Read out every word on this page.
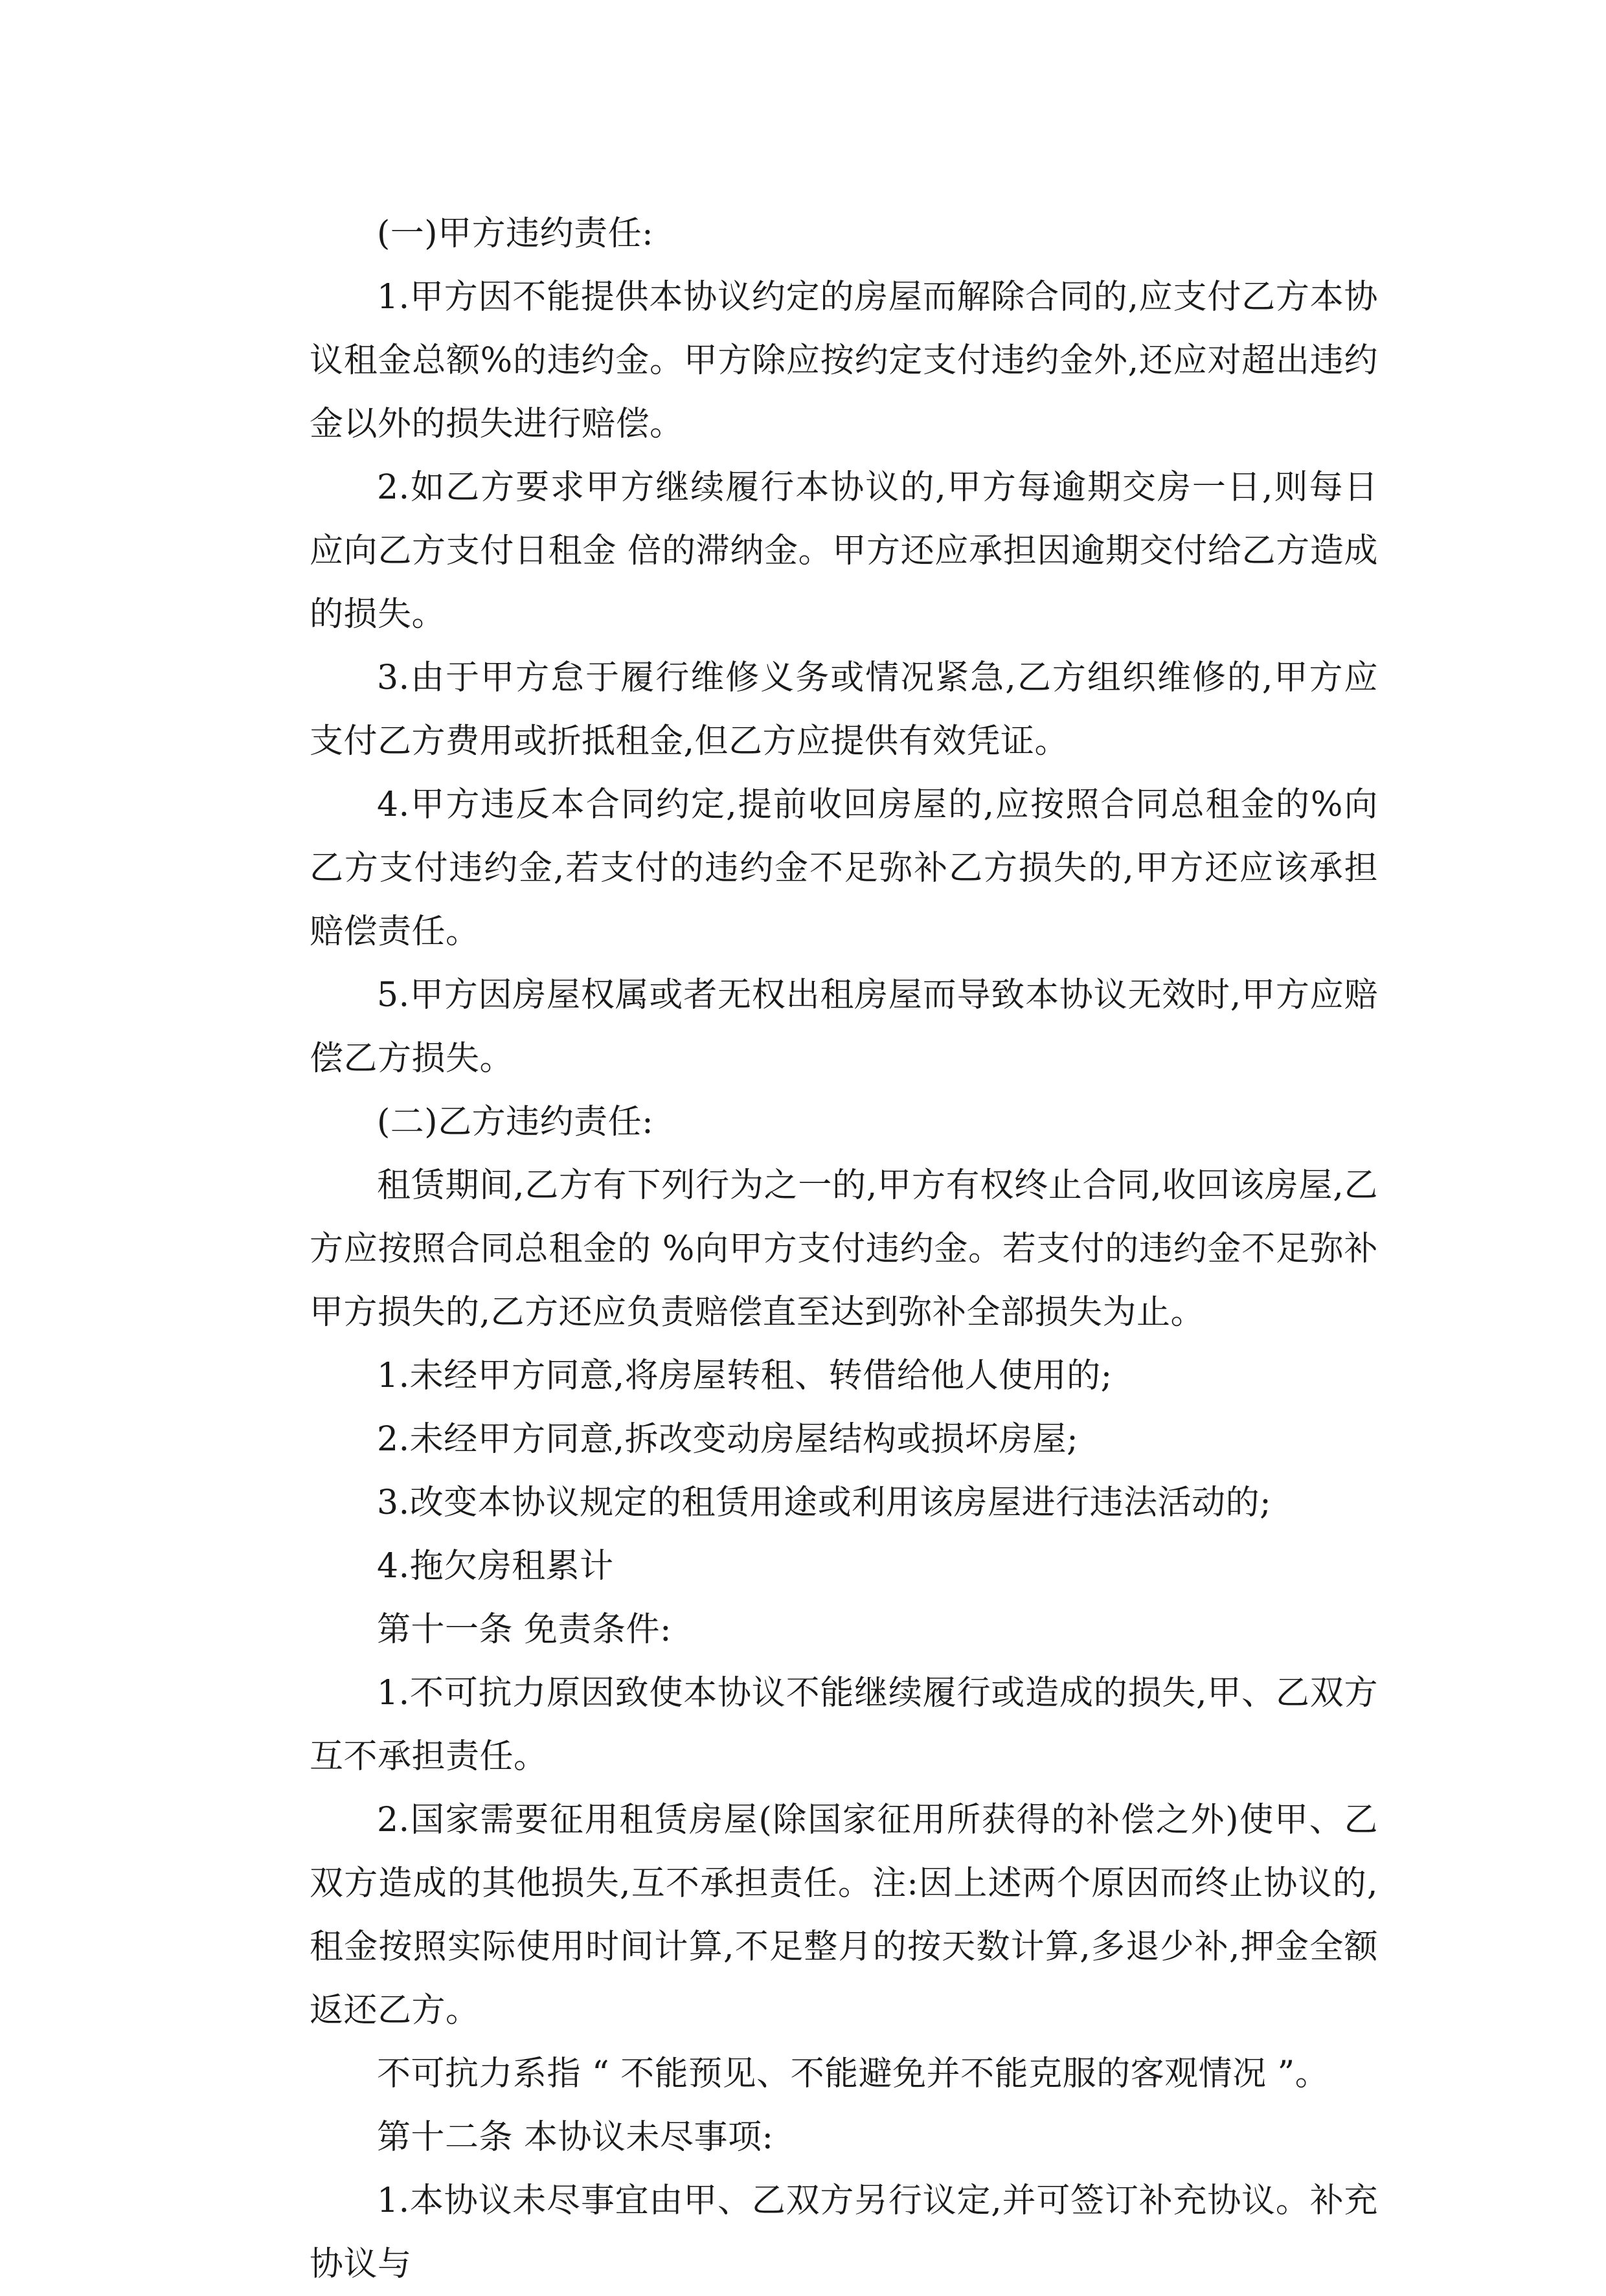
(一)甲方违约责任:

1.甲方因不能提供本协议约定的房屋而解除合同的,应支付乙方本协议租金总额%的违约金。甲方除应按约定支付违约金外,还应对超出违约金以外的损失进行赔偿。

2.如乙方要求甲方继续履行本协议的,甲方每逾期交房一日,则每日应向乙方支付日租金 倍的滞纳金。甲方还应承担因逾期交付给乙方造成的损失。

3.由于甲方怠于履行维修义务或情况紧急,乙方组织维修的,甲方应支付乙方费用或折抵租金,但乙方应提供有效凭证。

4.甲方违反本合同约定,提前收回房屋的,应按照合同总租金的%向乙方支付违约金,若支付的违约金不足弥补乙方损失的,甲方还应该承担赔偿责任。

5.甲方因房屋权属或者无权出租房屋而导致本协议无效时,甲方应赔偿乙方损失。

(二)乙方违约责任:

租赁期间,乙方有下列行为之一的,甲方有权终止合同,收回该房屋,乙方应按照合同总租金的 %向甲方支付违约金。若支付的违约金不足弥补甲方损失的,乙方还应负责赔偿直至达到弥补全部损失为止。

1.未经甲方同意,将房屋转租、转借给他人使用的;

2.未经甲方同意,拆改变动房屋结构或损坏房屋;

3.改变本协议规定的租赁用途或利用该房屋进行违法活动的;

4.拖欠房租累计

第十一条 免责条件:

1.不可抗力原因致使本协议不能继续履行或造成的损失,甲、乙双方互不承担责任。

2.国家需要征用租赁房屋(除国家征用所获得的补偿之外)使甲、乙双方造成的其他损失,互不承担责任。注:因上述两个原因而终止协议的,租金按照实际使用时间计算,不足整月的按天数计算,多退少补,押金全额返还乙方。

不可抗力系指 “ 不能预见、不能避免并不能克服的客观情况 ”。

第十二条 本协议未尽事项:

1.本协议未尽事宜由甲、乙双方另行议定,并可签订补充协议。补充协议与
